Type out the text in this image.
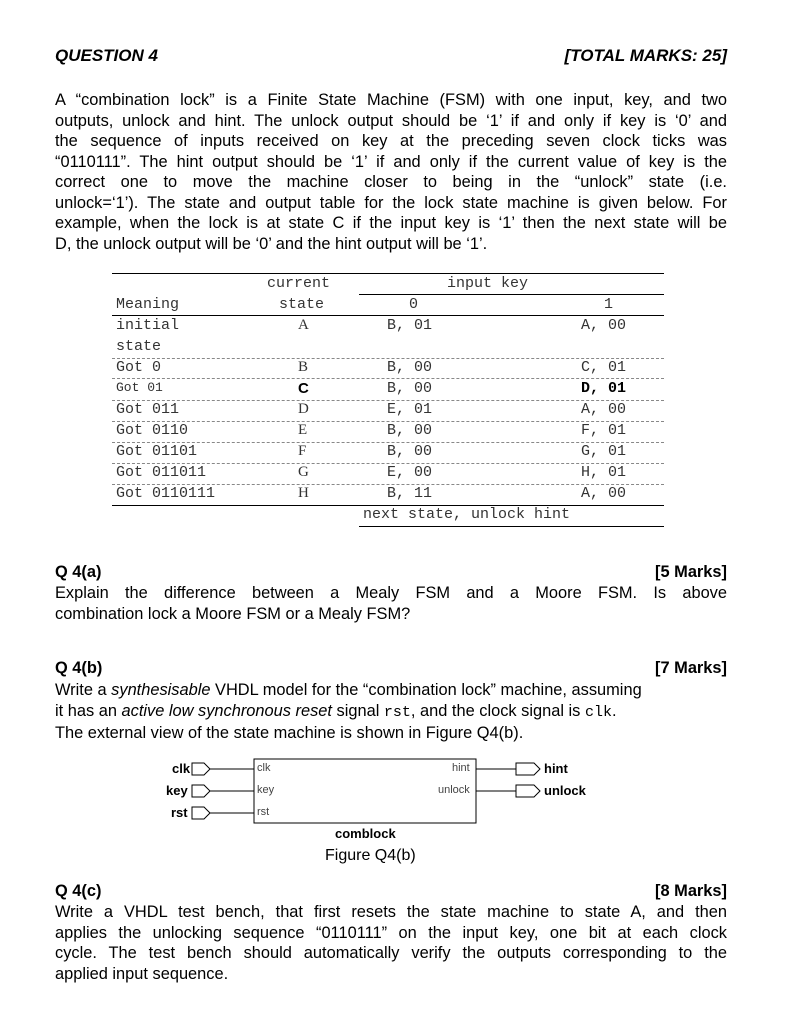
QUESTION 4	[TOTAL MARKS: 25]
A “combination lock” is a Finite State Machine (FSM) with one input, key, and two
outputs, unlock and hint. The unlock output should be ‘1’ if and only if key is ‘0’ and
the sequence of inputs received on key at the preceding seven clock ticks was
“0110111”. The hint output should be ‘1’ if and only if the current value of key is the
correct one to move the machine closer to being in the “unlock” state (i.e.
unlock=‘1’). The state and output table for the lock state machine is given below. For
example, when the lock is at state C if the input key is ‘1’ then the next state will be
D, the unlock output will be ‘0’ and the hint output will be ‘1’.
current	input key
Meaning	state	0	1
initial
state
A	B, 01	A, 00
Got 0	B	B, 00	C, 01
Got 01	C	B, 00	D, 01
Got 011	D	E, 01	A, 00
Got 0110	E	B, 00	F, 01
Got 01101	F	B, 00	G, 01
Got 011011	G	E, 00	H, 01
Got 0110111	H	B, 11	A, 00
next state, unlock hint
Q 4(a)	[5 Marks]
Explain the difference between a Mealy FSM and a Moore FSM. Is above
combination lock a Moore FSM or a Mealy FSM?
Q 4(b)	[7 Marks]
Write a synthesisable VHDL model for the “combination lock” machine, assuming
it has an active low synchronous reset signal rst, and the clock signal is clk.
The external view of the state machine is shown in Figure Q4(b).
Q 4(c)	[8 Marks]
Write a VHDL test bench, that first resets the state machine to state A, and then
applies the unlocking sequence “0110111” on the input key, one bit at each clock
cycle. The test bench should automatically verify the outputs corresponding to the
applied input sequence.
clk
key
rst
clk
key
rst
hint
unlock
hint
unlock
comblock
Figure Q4(b)
